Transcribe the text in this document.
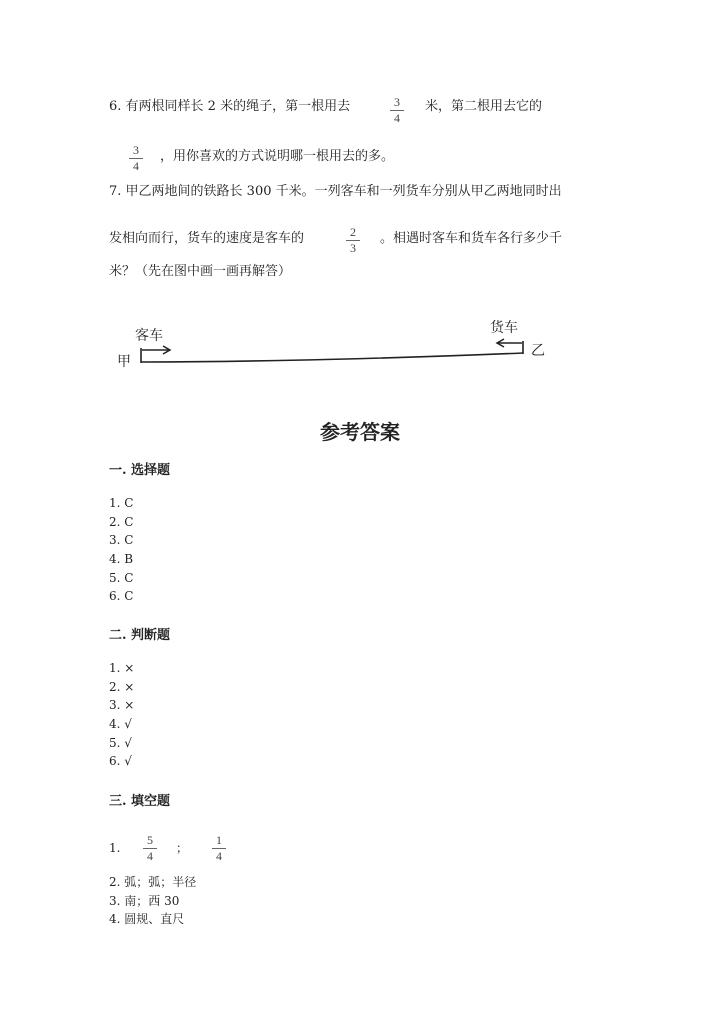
6. 有两根同样长 2 米的绳子，第一根用去	3
4
米，第二根用去它的
3
4
，用你喜欢的方式说明哪一根用去的多。
7. 甲乙两地间的铁路长 300 千米。一列客车和一列货车分别从甲乙两地同时出
发相向而行，货车的速度是客车的	2
3
。相遇时客车和货车各行多少千
米？（先在图中画一画再解答）
客车	货车
甲
乙
参考答案
一. 选择题
1. C
2. C
3. C
4. B
5. C
6. C
二. 判断题
1. ×
2. ×
3. ×
4. √
5. √
6. √
三. 填空题
1.
5
4
；
1
4
2. 弧；弧；半径
3. 南；西 30
4. 圆规、直尺
